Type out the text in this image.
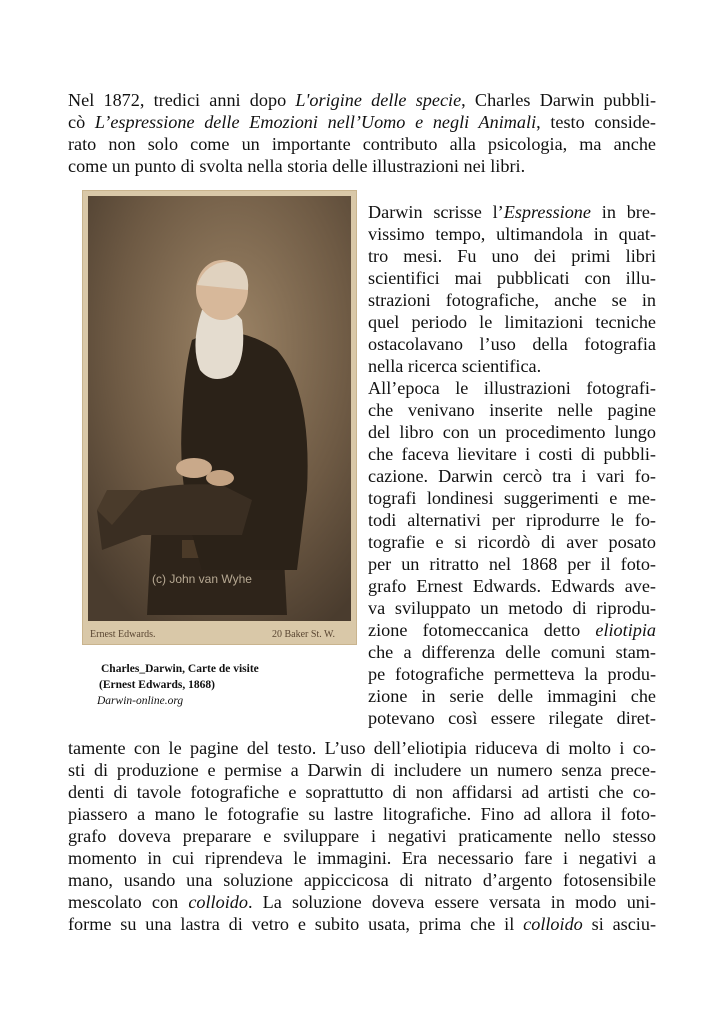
Nel 1872, tredici anni dopo L'origine delle specie, Charles Darwin pubbli-
cò L’espressione delle Emozioni nell’Uomo e negli Animali, testo conside-
rato non solo come un importante contributo alla psicologia, ma anche
come un punto di svolta nella storia delle illustrazioni nei libri.
(c) John van Wyhe
Ernest Edwards.	20 Baker St. W.
Darwin scrisse l’Espressione in bre-
vissimo tempo, ultimandola in quat-
tro mesi. Fu uno dei primi libri
scientifici mai pubblicati con illu-
strazioni fotografiche, anche se in
quel periodo le limitazioni tecniche
ostacolavano l’uso della fotografia
nella ricerca scientifica.
All’epoca le illustrazioni fotografi-
che venivano inserite nelle pagine
del libro con un procedimento lungo
che faceva lievitare i costi di pubbli-
cazione. Darwin cercò tra i vari fo-
tografi londinesi suggerimenti e me-
todi alternativi per riprodurre le fo-
tografie e si ricordò di aver posato
per un ritratto nel 1868 per il foto-
grafo Ernest Edwards. Edwards ave-
va sviluppato un metodo di riprodu-
zione fotomeccanica detto eliotipia
che a differenza delle comuni stam-
pe fotografiche permetteva la produ-
zione in serie delle immagini che
potevano così essere rilegate diret-
Charles_Darwin, Carte de visite
(Ernest Edwards, 1868)
Darwin-online.org
tamente con le pagine del testo. L’uso dell’eliotipia riduceva di molto i co-
sti di produzione e permise a Darwin di includere un numero senza prece-
denti di tavole fotografiche e soprattutto di non affidarsi ad artisti che co-
piassero a mano le fotografie su lastre litografiche. Fino ad allora il foto-
grafo doveva preparare e sviluppare i negativi praticamente nello stesso
momento in cui riprendeva le immagini. Era necessario fare i negativi a
mano, usando una soluzione appiccicosa di nitrato d’argento fotosensibile
mescolato con colloido. La soluzione doveva essere versata in modo uni-
forme su una lastra di vetro e subito usata, prima che il colloido si asciu-
